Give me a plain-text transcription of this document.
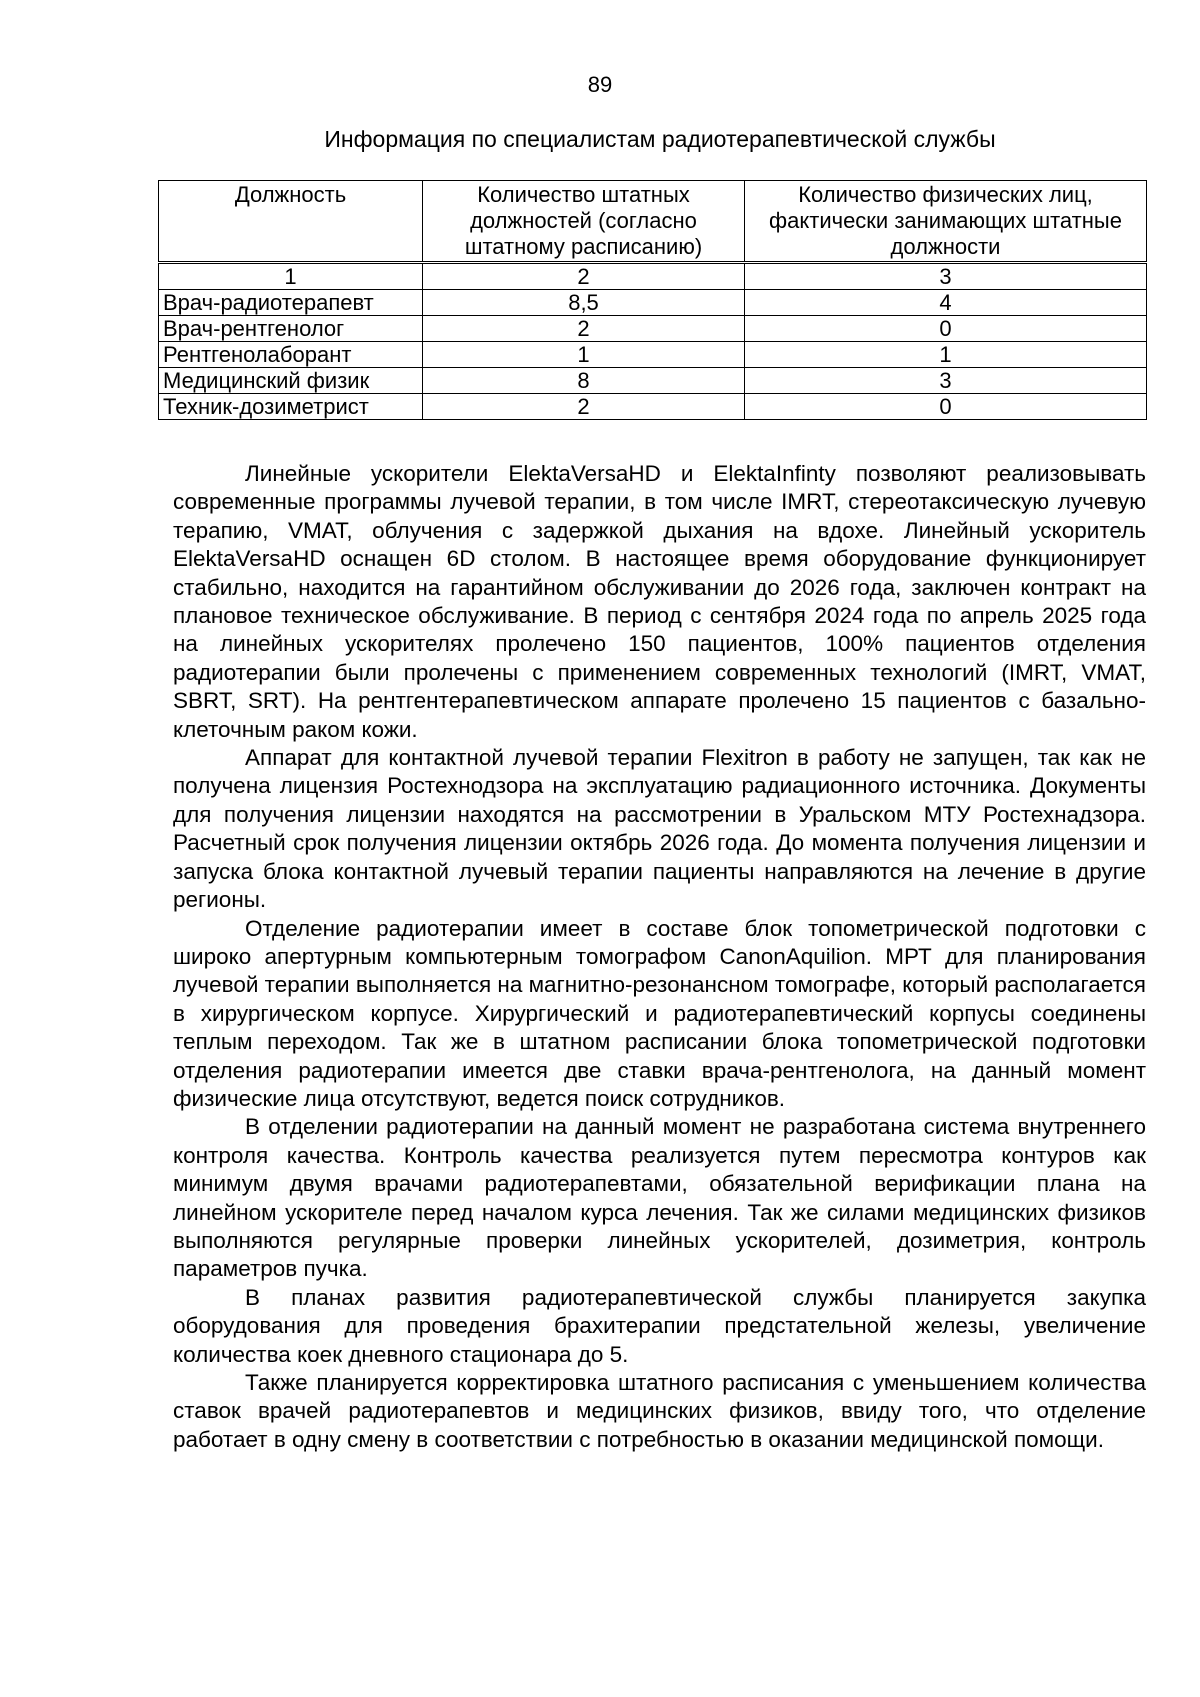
89
Информация по специалистам радиотерапевтической службы
Должность	Количество штатных должностей (согласно штатному расписанию)	Количество физических лиц, фактически занимающих штатные должности
1	2	3
Врач-радиотерапевт	8,5	4
Врач-рентгенолог	2	0
Рентгенолаборант	1	1
Медицинский физик	8	3
Техник-дозиметрист	2	0

Линейные ускорители ElektaVersaHD и ElektaInfinty позволяют реализовывать современные программы лучевой терапии, в том числе IMRT, стереотаксическую лучевую терапию, VMAT, облучения с задержкой дыхания на вдохе. Линейный ускоритель ElektaVersaHD оснащен 6D столом. В настоящее время оборудование функционирует стабильно, находится на гарантийном обслуживании до 2026 года, заключен контракт на плановое техническое обслуживание. В период с сентября 2024 года по апрель 2025 года на линейных ускорителях пролечено 150 пациентов, 100% пациентов отделения радиотерапии были пролечены с применением современных технологий (IMRT, VMAT, SBRT, SRT). На рентгентерапевтическом аппарате пролечено 15 пациентов с базально-клеточным раком кожи.

Аппарат для контактной лучевой терапии Flexitron в работу не запущен, так как не получена лицензия Ростехнодзора на эксплуатацию радиационного источника. Документы для получения лицензии находятся на рассмотрении в Уральском МТУ Ростехнадзора. Расчетный срок получения лицензии октябрь 2026 года. До момента получения лицензии и запуска блока контактной лучевый терапии пациенты направляются на лечение в другие регионы.

Отделение радиотерапии имеет в составе блок топометрической подготовки с широко апертурным компьютерным томографом CanonAquilion. МРТ для планирования лучевой терапии выполняется на магнитно-резонансном томографе, который располагается в хирургическом корпусе. Хирургический и радиотерапевтический корпусы соединены теплым переходом. Так же в штатном расписании блока топометрической подготовки отделения радиотерапии имеется две ставки врача-рентгенолога, на данный момент физические лица отсутствуют, ведется поиск сотрудников.

В отделении радиотерапии на данный момент не разработана система внутреннего контроля качества. Контроль качества реализуется путем пересмотра контуров как минимум двумя врачами радиотерапевтами, обязательной верификации плана на линейном ускорителе перед началом курса лечения. Так же силами медицинских физиков выполняются регулярные проверки линейных ускорителей, дозиметрия, контроль параметров пучка.

В планах развития радиотерапевтической службы планируется закупка оборудования для проведения брахитерапии предстательной железы, увеличение количества коек дневного стационара до 5.

Также планируется корректировка штатного расписания с уменьшением количества ставок врачей радиотерапевтов и медицинских физиков, ввиду того, что отделение работает в одну смену в соответствии с потребностью в оказании медицинской помощи.
